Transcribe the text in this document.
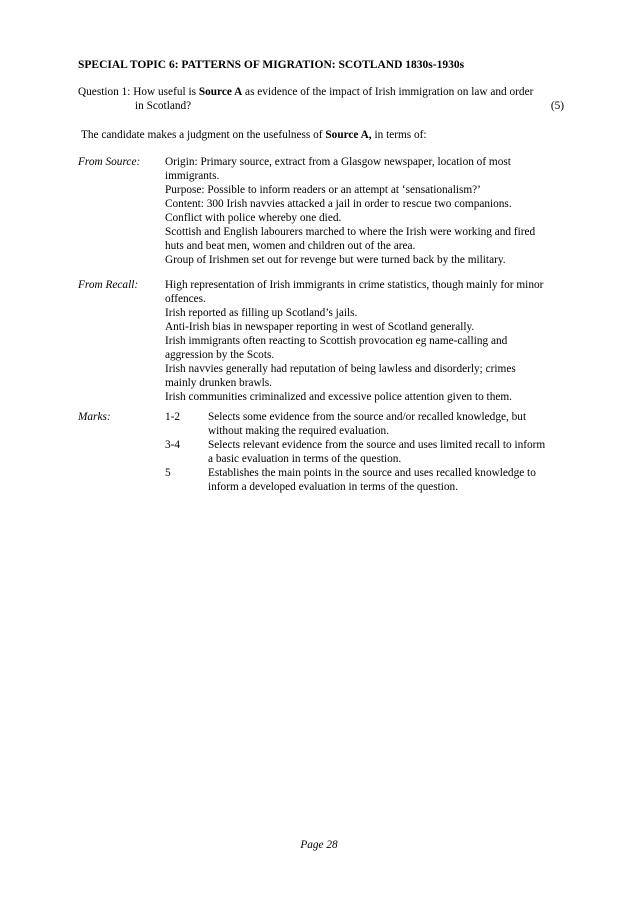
SPECIAL TOPIC 6: PATTERNS OF MIGRATION: SCOTLAND 1830s-1930s
Question 1: How useful is Source A as evidence of the impact of Irish immigration on law and order
in Scotland?	(5)
The candidate makes a judgment on the usefulness of Source A, in terms of:
From Source: Origin: Primary source, extract from a Glasgow newspaper, location of most
immigrants.
Purpose: Possible to inform readers or an attempt at ‘sensationalism?’
Content: 300 Irish navvies attacked a jail in order to rescue two companions.
Conflict with police whereby one died.
Scottish and English labourers marched to where the Irish were working and fired
huts and beat men, women and children out of the area.
Group of Irishmen set out for revenge but were turned back by the military.
From Recall: High representation of Irish immigrants in crime statistics, though mainly for minor
offences.
Irish reported as filling up Scotland’s jails.
Anti-Irish bias in newspaper reporting in west of Scotland generally.
Irish immigrants often reacting to Scottish provocation eg name-calling and
aggression by the Scots.
Irish navvies generally had reputation of being lawless and disorderly; crimes
mainly drunken brawls.
Irish communities criminalized and excessive police attention given to them.
Marks:	1-2 Selects some evidence from the source and/or recalled knowledge, but
without making the required evaluation.
3-4 Selects relevant evidence from the source and uses limited recall to inform
a basic evaluation in terms of the question.
5	Establishes the main points in the source and uses recalled knowledge to
inform a developed evaluation in terms of the question.
Page 28
